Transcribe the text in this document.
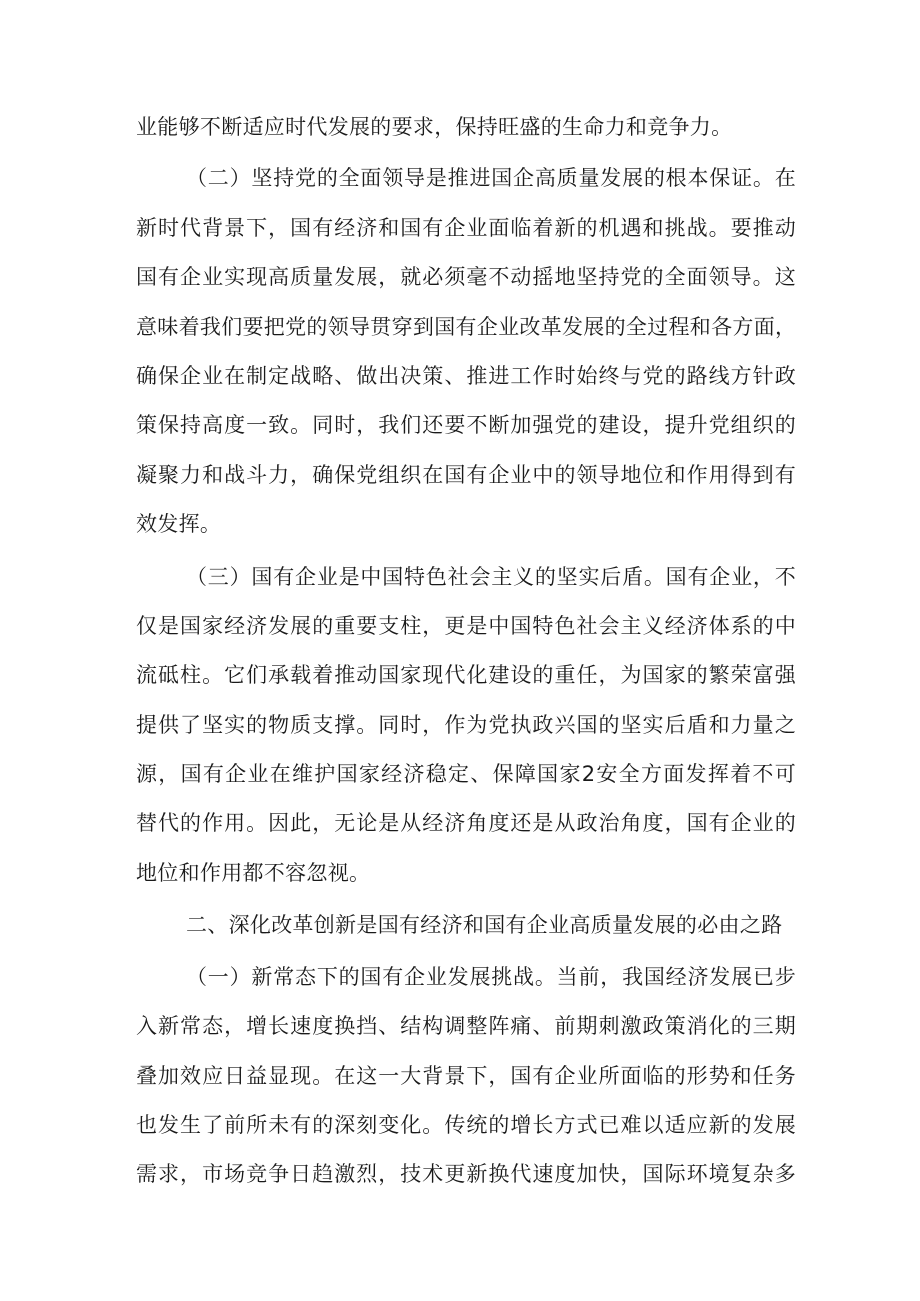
业能够不断适应时代发展的要求，保持旺盛的生命力和竞争力。
（二）坚持党的全面领导是推进国企高质量发展的根本保证。在
新时代背景下，国有经济和国有企业面临着新的机遇和挑战。要推动
国有企业实现高质量发展，就必须毫不动摇地坚持党的全面领导。这
意味着我们要把党的领导贯穿到国有企业改革发展的全过程和各方面，
确保企业在制定战略、做出决策、推进工作时始终与党的路线方针政
策保持高度一致。同时，我们还要不断加强党的建设，提升党组织的
凝聚力和战斗力，确保党组织在国有企业中的领导地位和作用得到有
效发挥。
（三）国有企业是中国特色社会主义的坚实后盾。国有企业，不
仅是国家经济发展的重要支柱，更是中国特色社会主义经济体系的中
流砥柱。它们承载着推动国家现代化建设的重任，为国家的繁荣富强
提供了坚实的物质支撑。同时，作为党执政兴国的坚实后盾和力量之
源，国有企业在维护国家经济稳定、保障国家2安全方面发挥着不可
替代的作用。因此，无论是从经济角度还是从政治角度，国有企业的
地位和作用都不容忽视。
二、深化改革创新是国有经济和国有企业高质量发展的必由之路
（一）新常态下的国有企业发展挑战。当前，我国经济发展已步
入新常态，增长速度换挡、结构调整阵痛、前期刺激政策消化的三期
叠加效应日益显现。在这一大背景下，国有企业所面临的形势和任务
也发生了前所未有的深刻变化。传统的增长方式已难以适应新的发展
需求，市场竞争日趋激烈，技术更新换代速度加快，国际环境复杂多
